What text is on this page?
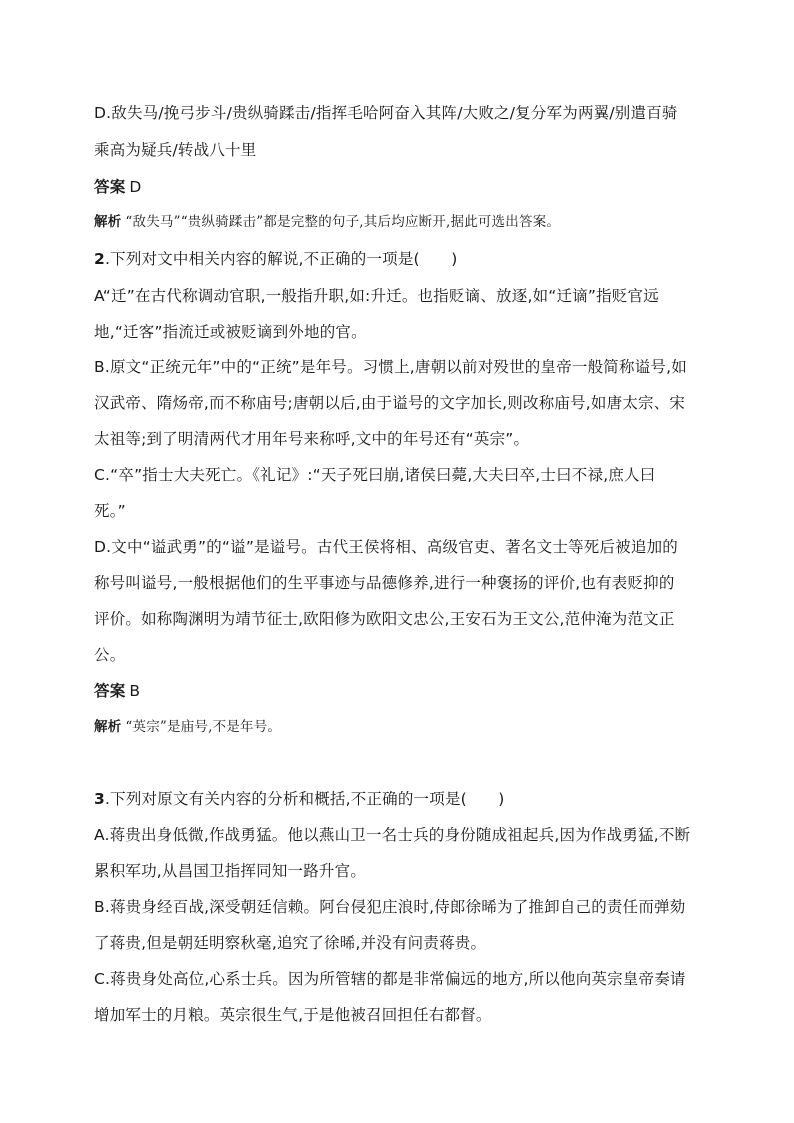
D.敌失马/挽弓步斗/贵纵骑蹂击/指挥毛哈阿奋入其阵/大败之/复分军为两翼/别遣百骑
乘高为疑兵/转战八十里
答案 D
解析 “敌失马”“贵纵骑蹂击”都是完整的句子,其后均应断开,据此可选出答案。
2.下列对文中相关内容的解说,不正确的一项是(　　)
A“迁”在古代称调动官职,一般指升职,如:升迁。也指贬谪、放逐,如“迁谪”指贬官远
地,“迁客”指流迁或被贬谪到外地的官。
B.原文“正统元年”中的“正统”是年号。习惯上,唐朝以前对殁世的皇帝一般简称谥号,如
汉武帝、隋炀帝,而不称庙号;唐朝以后,由于谥号的文字加长,则改称庙号,如唐太宗、宋
太祖等;到了明清两代才用年号来称呼,文中的年号还有“英宗”。
C.“卒”指士大夫死亡。《礼记》:“天子死曰崩,诸侯曰薨,大夫曰卒,士曰不禄,庶人曰
死。”
D.文中“谥武勇”的“谥”是谥号。古代王侯将相、高级官吏、著名文士等死后被追加的
称号叫谥号,一般根据他们的生平事迹与品德修养,进行一种褒扬的评价,也有表贬抑的
评价。如称陶渊明为靖节征士,欧阳修为欧阳文忠公,王安石为王文公,范仲淹为范文正
公。
答案 B
解析 “英宗”是庙号,不是年号。
3.下列对原文有关内容的分析和概括,不正确的一项是(　　)
A.蒋贵出身低微,作战勇猛。他以燕山卫一名士兵的身份随成祖起兵,因为作战勇猛,不断
累积军功,从昌国卫指挥同知一路升官。
B.蒋贵身经百战,深受朝廷信赖。阿台侵犯庄浪时,侍郎徐晞为了推卸自己的责任而弹劾
了蒋贵,但是朝廷明察秋毫,追究了徐晞,并没有问责蒋贵。
C.蒋贵身处高位,心系士兵。因为所管辖的都是非常偏远的地方,所以他向英宗皇帝奏请
增加军士的月粮。英宗很生气,于是他被召回担任右都督。
